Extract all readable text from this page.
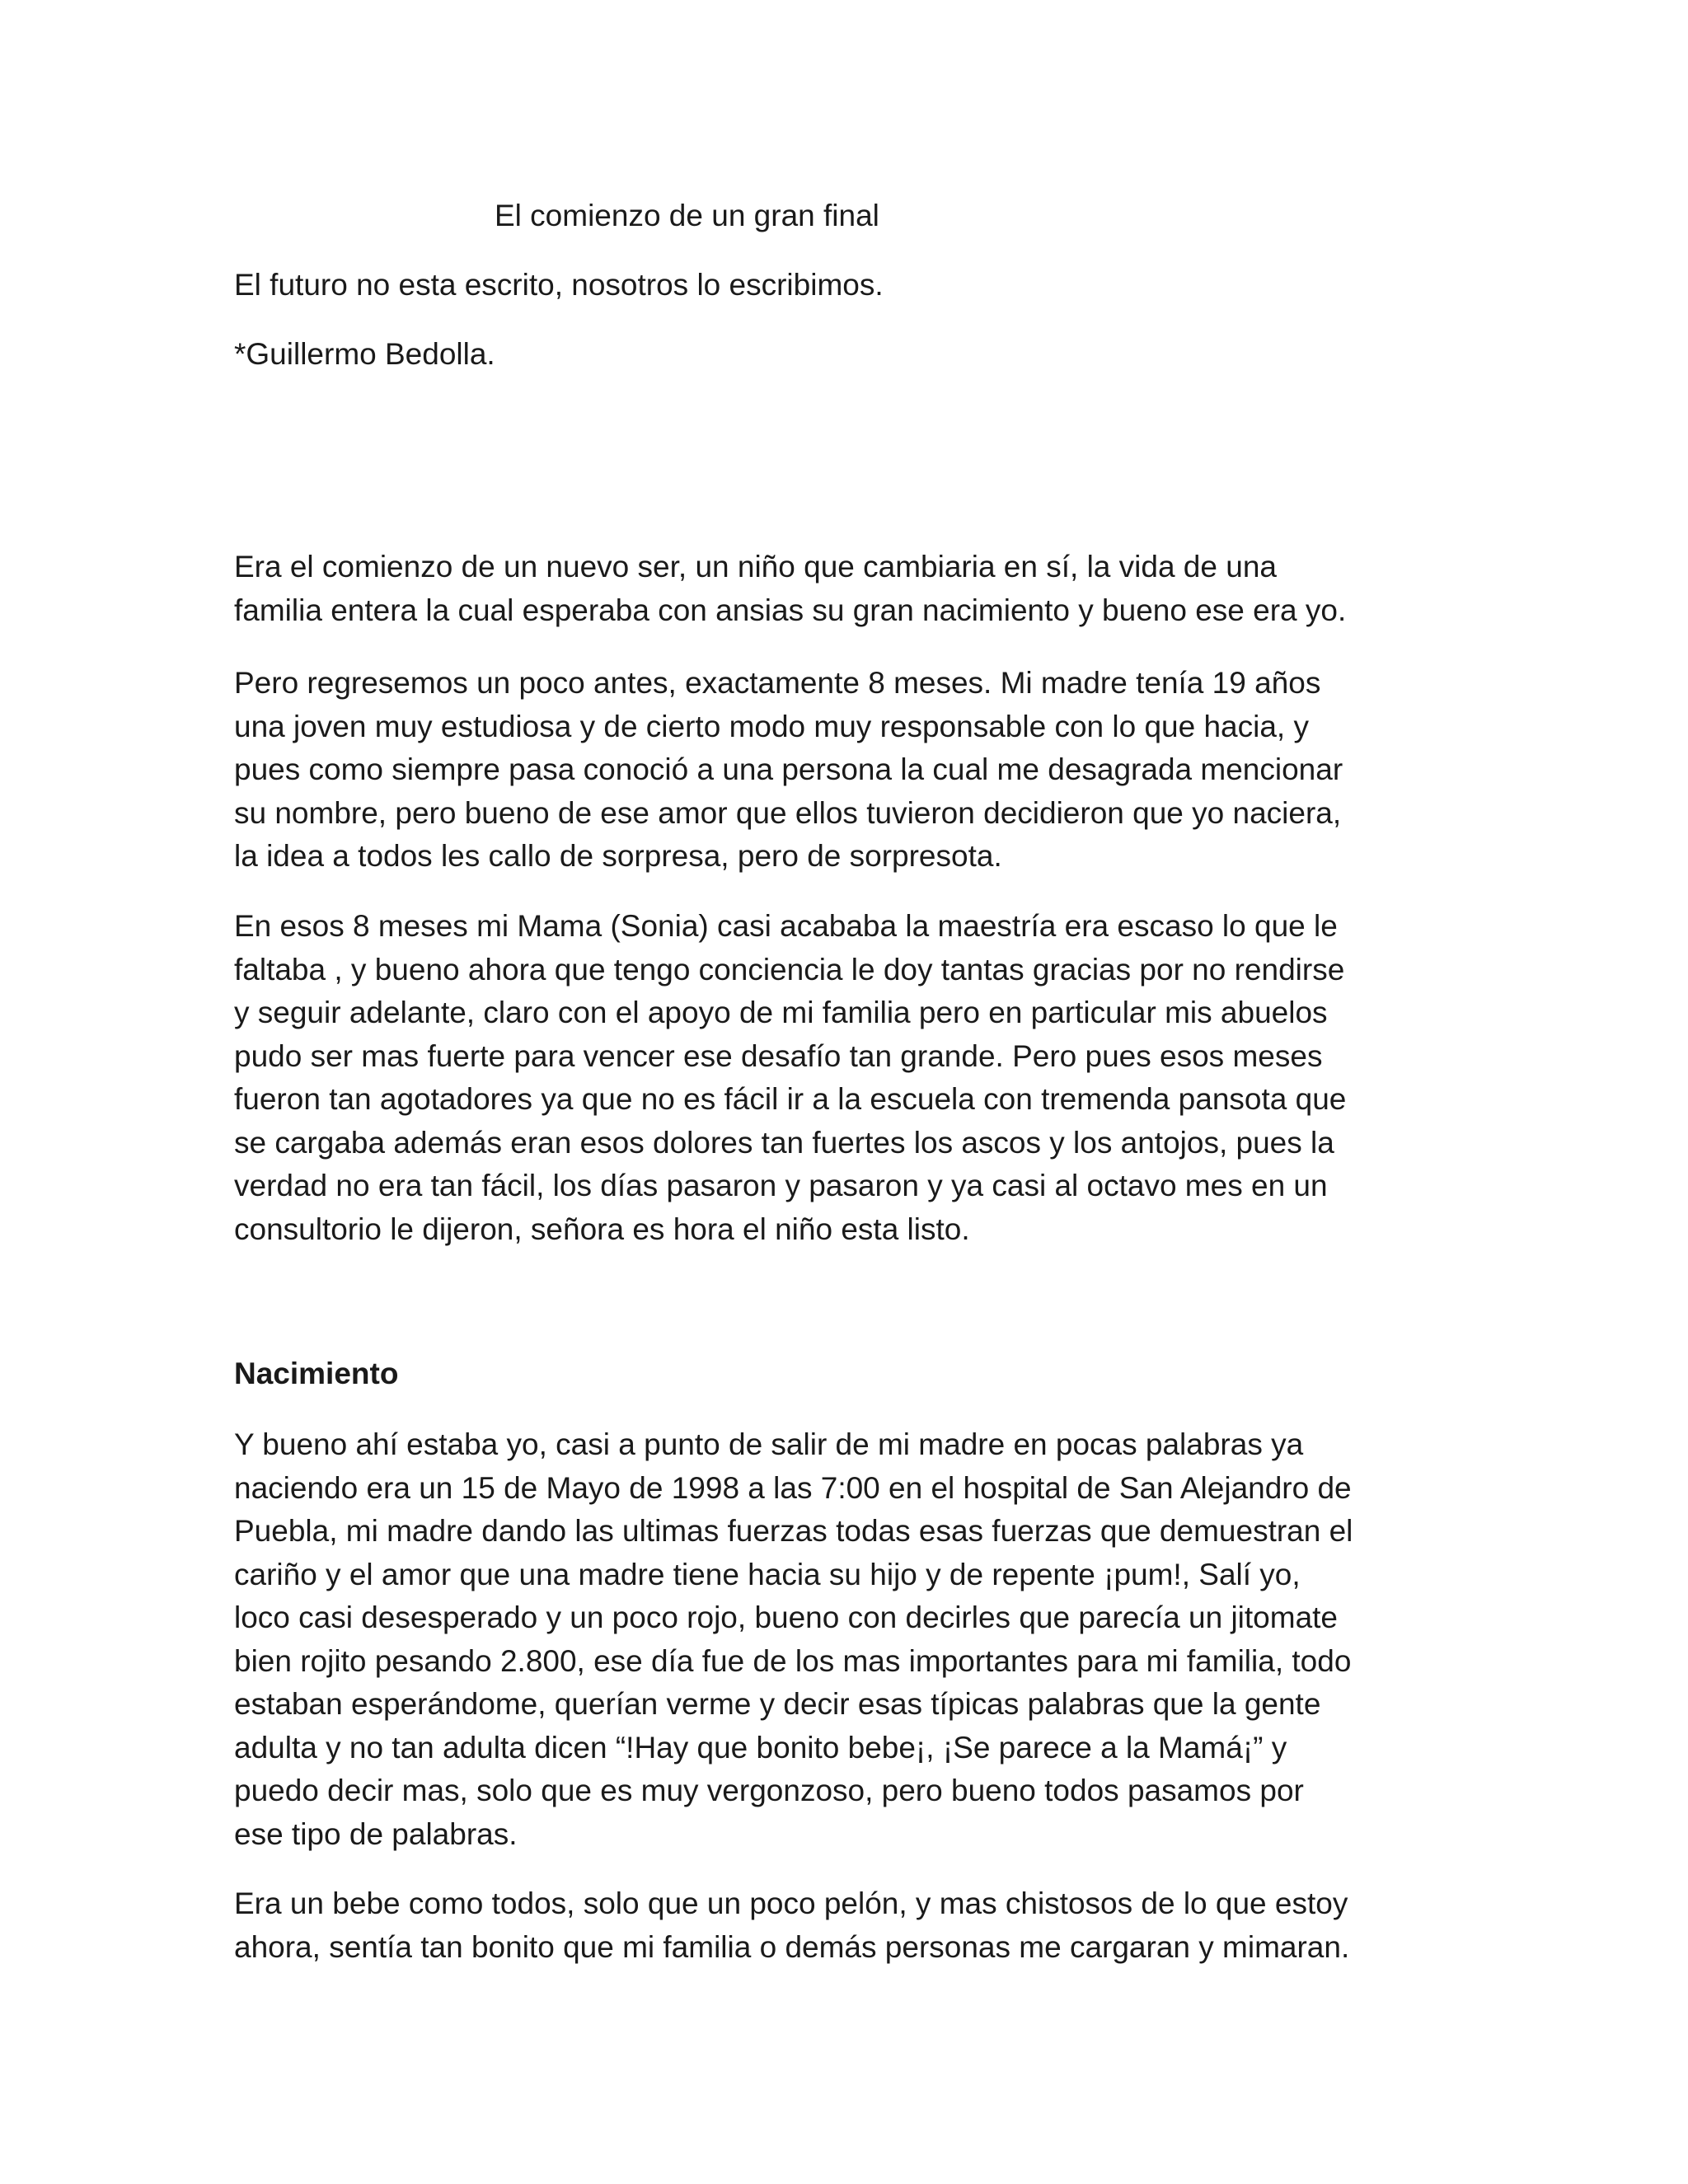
El comienzo de un gran final
El futuro no esta escrito, nosotros lo escribimos.
*Guillermo Bedolla.

Era el comienzo de un nuevo ser, un niño que cambiaria en sí, la vida de una
familia entera la cual esperaba con ansias su gran nacimiento y bueno ese era yo.

Pero regresemos un poco antes, exactamente 8 meses. Mi madre tenía 19 años
una joven muy estudiosa y de cierto modo muy responsable con lo que hacia, y
pues como siempre pasa conoció a una persona la cual me desagrada mencionar
su nombre, pero bueno de ese amor que ellos tuvieron decidieron que yo naciera,
la idea a todos les callo de sorpresa, pero de sorpresota.

En esos 8 meses mi Mama (Sonia) casi acababa la maestría era escaso lo que le
faltaba , y bueno ahora que tengo conciencia le doy tantas gracias por no rendirse
y seguir adelante, claro con el apoyo de mi familia pero en particular mis abuelos
pudo ser mas fuerte para vencer ese desafío tan grande. Pero pues esos meses
fueron tan agotadores ya que no es fácil ir a la escuela con tremenda pansota que
se cargaba además eran esos dolores tan fuertes los ascos y los antojos, pues la
verdad no era tan fácil, los días pasaron y pasaron y ya casi al octavo mes en un
consultorio le dijeron, señora es hora el niño esta listo.

Nacimiento

Y bueno ahí estaba yo, casi a punto de salir de mi madre en pocas palabras ya
naciendo era un 15 de Mayo de 1998 a las 7:00 en el hospital de San Alejandro de
Puebla, mi madre dando las ultimas fuerzas todas esas fuerzas que demuestran el
cariño y el amor que una madre tiene hacia su hijo y de repente ¡pum!, Salí yo,
loco casi desesperado y un poco rojo, bueno con decirles que parecía un jitomate
bien rojito pesando 2.800, ese día fue de los mas importantes para mi familia, todo
estaban esperándome, querían verme y decir esas típicas palabras que la gente
adulta y no tan adulta dicen “!Hay que bonito bebe¡, ¡Se parece a la Mamá¡” y
puedo decir mas, solo que es muy vergonzoso, pero bueno todos pasamos por
ese tipo de palabras.

Era un bebe como todos, solo que un poco pelón, y mas chistosos de lo que estoy
ahora, sentía tan bonito que mi familia o demás personas me cargaran y mimaran.
